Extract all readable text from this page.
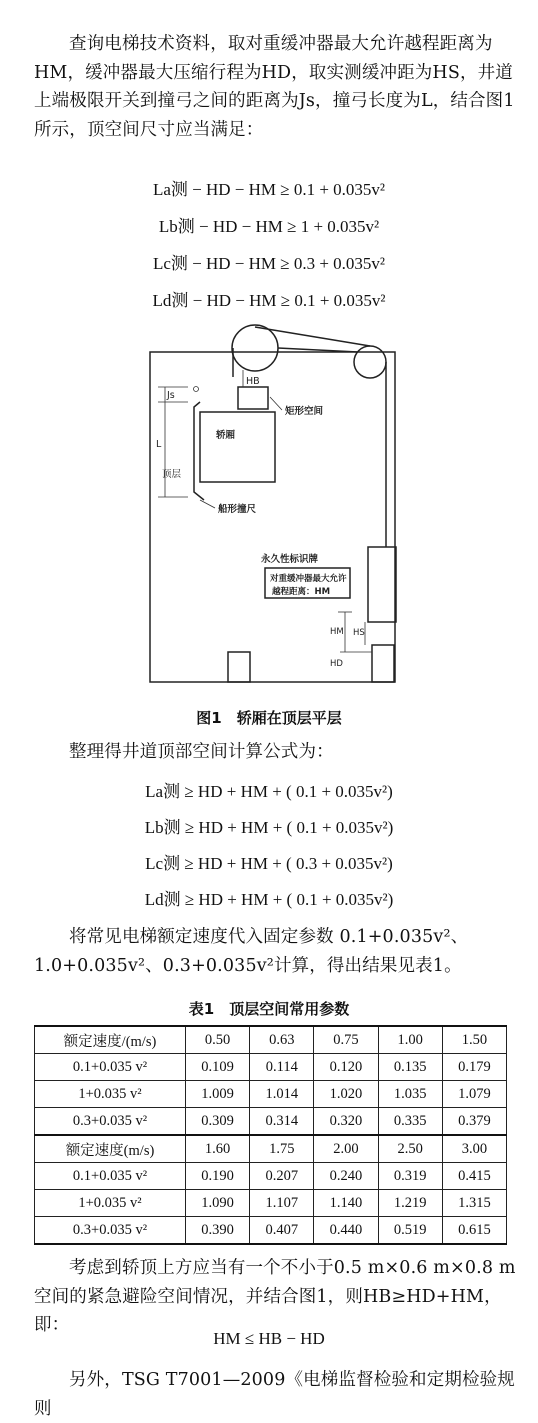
查询电梯技术资料，取对重缓冲器最大允许越程距离为HM，缓冲器最大压缩行程为HD，取实测缓冲距为HS，井道上端极限开关到撞弓之间的距离为Js，撞弓长度为L，结合图1所示，顶空间尺寸应当满足：
La测 − HD − HM ≥ 0.1 + 0.035v²
Lb测 − HD − HM ≥ 1 + 0.035v²
Lc测 − HD − HM ≥ 0.3 + 0.035v²
Ld测 − HD − HM ≥ 0.1 + 0.035v²
HB
Js
L
矩形空间
轿厢
顶层
船形撞尺
永久性标识牌
对重缓冲器最大允许
越程距离：HM
HM HS
HD
图1　轿厢在顶层平层
整理得井道顶部空间计算公式为：
La测 ≥ HD + HM + ( 0.1 + 0.035v²)
Lb测 ≥ HD + HM + ( 0.1 + 0.035v²)
Lc测 ≥ HD + HM + ( 0.3 + 0.035v²)
Ld测 ≥ HD + HM + ( 0.1 + 0.035v²)
将常见电梯额定速度代入固定参数 0.1+0.035v²、1.0+0.035v²、0.3+0.035v²计算，得出结果见表1。
表1　顶层空间常用参数
额定速度/(m/s)	0.50	0.63	0.75	1.00	1.50
0.1+0.035 v²	0.109	0.114	0.120	0.135	0.179
1+0.035 v²	1.009	1.014	1.020	1.035	1.079
0.3+0.035 v²	0.309	0.314	0.320	0.335	0.379
额定速度(m/s)	1.60	1.75	2.00	2.50	3.00
0.1+0.035 v²	0.190	0.207	0.240	0.319	0.415
1+0.035 v²	1.090	1.107	1.140	1.219	1.315
0.3+0.035 v²	0.390	0.407	0.440	0.519	0.615
考虑到轿顶上方应当有一个不小于0.5 m×0.6 m×0.8 m空间的紧急避险空间情况，并结合图1，则HB≥HD+HM，即：
HM ≤ HB − HD
另外，TSG T7001—2009《电梯监督检验和定期检验规则
